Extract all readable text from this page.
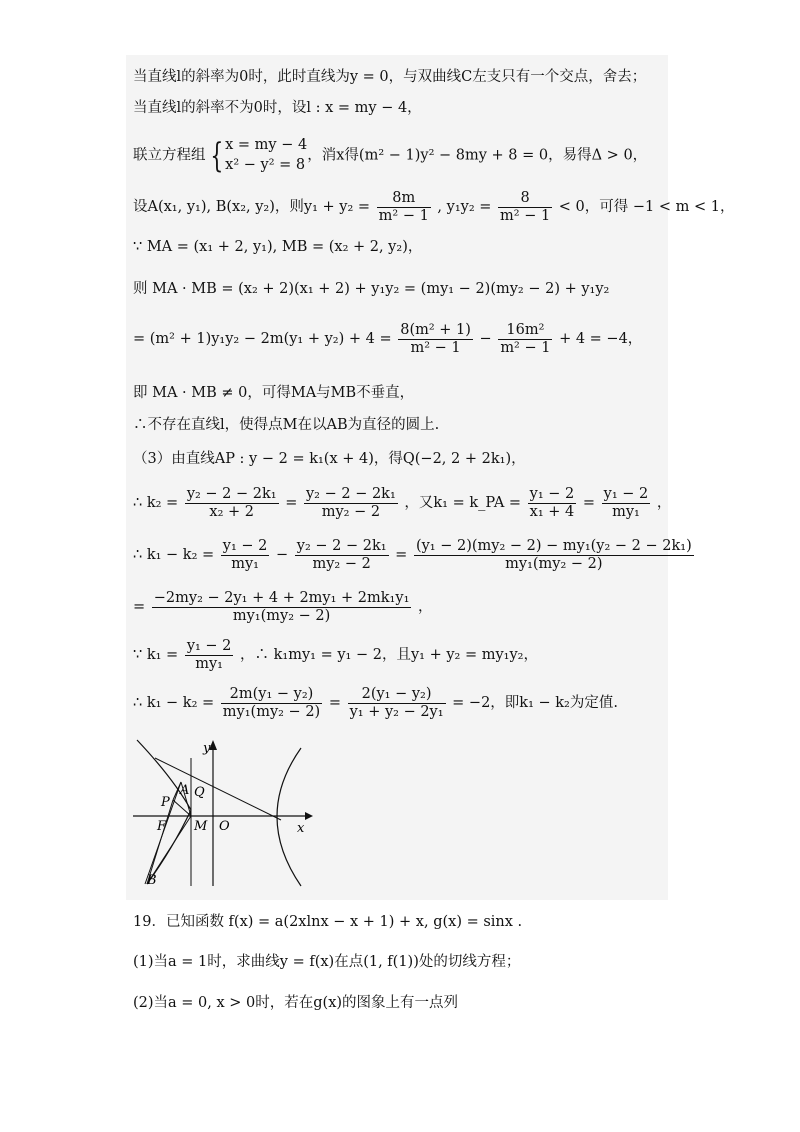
当直线l的斜率为0时，此时直线为y = 0，与双曲线C左支只有一个交点，舍去；
当直线l的斜率不为0时，设l : x = my − 4，
联立方程组 { x = my − 4
x² − y² = 8
，消x得(m² − 1)y² − 8my + 8 = 0，易得Δ > 0，
设A(x₁, y₁), B(x₂, y₂)，则$y_1 + y_2 = \frac{8m}{\text{m² − 1}}$ , $y_1y_2 = \frac{8}{\text{m² − 1}} < 0$，可得 −1 < m < 1，
∵ MA = (x₁ + 2, y₁), MB = (x₂ + 2, y₂)，
则 MA · MB = (x₂ + 2)(x₁ + 2) + y₁y₂ = (my₁ − 2)(my₂ − 2) + y₁y₂
= $(m^2 + 1)y_1y_2 - 2m(y_1 + y_2) + 4 = \frac{\text{8(m² + 1)}}{\text{m² − 1}} - \frac{\text{16m²}}{\text{m² − 1}} + 4 = -4$，
即 MA · MB ≠ 0，可得MA与MB不垂直，
∴不存在直线l，使得点M在以AB为直径的圆上.
（3）由直线AP : y − 2 = k₁(x + 4)，得Q(−2, 2 + 2k₁)，
∴ $k_2 = \frac{\text{y₂ − 2 − 2k₁}}{\text{x₂ + 2}} = \frac{\text{y₂ − 2 − 2k₁}}{\text{my₂ − 2}}$ ，又k₁ = k_PA = $\frac{\text{y₁ − 2}}{\text{x₁ + 4}} = \frac{\text{y₁ − 2}}{\text{my₁}}$ ，
∴ $k_1 - k_2 = \frac{\text{y₁ − 2}}{\text{my₁}} - \frac{\text{y₂ − 2 − 2k₁}}{\text{my₂ − 2}} = \frac{\text{(y₁ − 2)(my₂ − 2) − my₁(y₂ − 2 − 2k₁)}}{\text{my₁(my₂ − 2)}}$
= $\frac{\text{−2my₂ − 2y₁ + 4 + 2my₁ + 2mk₁y₁}}{\text{my₁(my₂ − 2)}}$ ，
∵ $k_1 = \frac{\text{y₁ − 2}}{\text{my₁}}$ ，∴ k₁my₁ = y₁ − 2，且y₁ + y₂ = my₁y₂，
∴ $k_1 - k_2 = \frac{\text{2m(y₁ − y₂)}}{\text{my₁(my₂ − 2)}} = \frac{\text{2(y₁ − y₂)}}{\text{y₁ + y₂ − 2y₁}} = -2$，即k₁ − k₂为定值.
y
x
A Q
P
F M O
B
19．已知函数 f(x) = a(2xlnx − x + 1) + x, g(x) = sinx .
(1)当a = 1时，求曲线y = f(x)在点(1, f(1))处的切线方程；
(2)当a = 0, x > 0时，若在g(x)的图象上有一点列
